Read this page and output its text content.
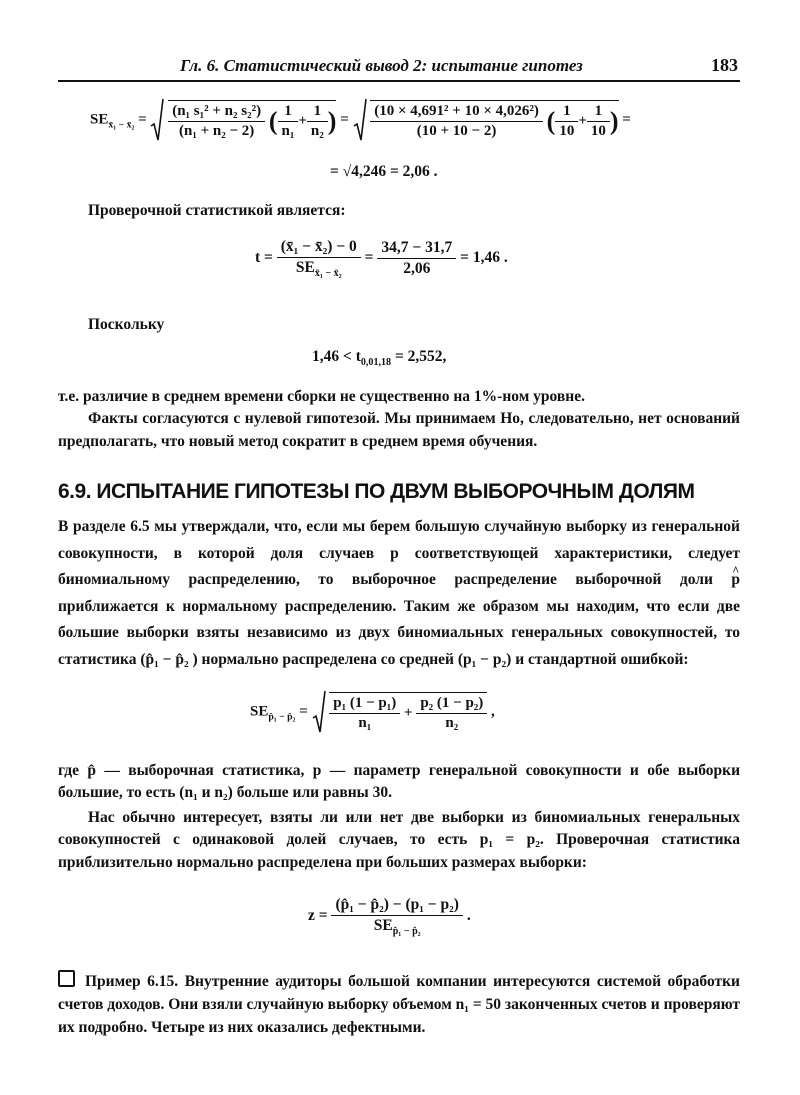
Гл. 6. Статистический вывод 2: испытание гипотез	183
$SE_{x̄_1 - x̄_2} = \frac{\text{(n₁ s₁² + n₂ s₂²)}}{\text{(n₁ + n₂ − 2)}}$ ( $\frac{1}{\text{n₁}} + \frac{1}{\text{n₂}}$ ) = $\frac{\text{(10 × 4,691² + 10 × 4,026²)}}{(10 + 10 - 2)}$ ( $\frac{1}{10} + \frac{1}{10}$ ) =
= √4,246 = 2,06 .
Проверочной статистикой является:
$t = \frac{\text{(x̄₁ − x̄₂) − 0}}{SE_{x̄_1 - x̄_2}} = \frac{34,7 - 31,7}{2,06} = 1,46$ .
Поскольку
$1,46 < t_{0,01,18} = 2,552$,

т.е. различие в среднем времени сборки не существенно на 1%-ном уровне.

Факты согласуются с нулевой гипотезой. Мы принимаем Но, следовательно, нет оснований предполагать, что новый метод сократит в среднем время обучения.

6.9. ИСПЫТАНИЕ ГИПОТЕЗЫ ПО ДВУМ ВЫБОРОЧНЫМ ДОЛЯМ
В разделе 6.5 мы утверждали, что, если мы берем большую случайную выборку из генеральной совокупности, в которой доля случаев p соответствующей характеристики, следует биномиальному распределению, то выборочное распределение выборочной доли ^ p приближается к нормальному распределению. Таким же образом мы находим, что если две большие выборки взяты независимо из двух биномиальных генеральных совокупностей, то статистика (p̂₁ − p̂₂ ) нормально распределена со средней (p₁ − p₂) и стандартной ошибкой:
$SE_{p̂_1 - p̂_2} = \frac{\text{p₁ (1 − p₁)}}{\text{n₁}} + \frac{\text{p₂ (1 − p₂)}}{\text{n₂}}$ ,

где p̂ — выборочная статистика, p — параметр генеральной совокупности и обе выборки большие, то есть (n₁ и n₂) больше или равны 30.

Нас обычно интересует, взяты ли или нет две выборки из биномиальных генеральных совокупностей с одинаковой долей случаев, то есть p₁ = p₂. Проверочная статистика приблизительно нормально распределена при больших размерах выборки:

$z = \frac{\text{(p̂₁ − p̂₂) − (p₁ − p₂)}}{SE_{p̂_1 - p̂_2}}$ .
Пример 6.15. Внутренние аудиторы большой компании интересуются системой обработки счетов доходов. Они взяли случайную выборку объемом n₁ = 50 законченных счетов и проверяют их подробно. Четыре из них оказались дефектными.
